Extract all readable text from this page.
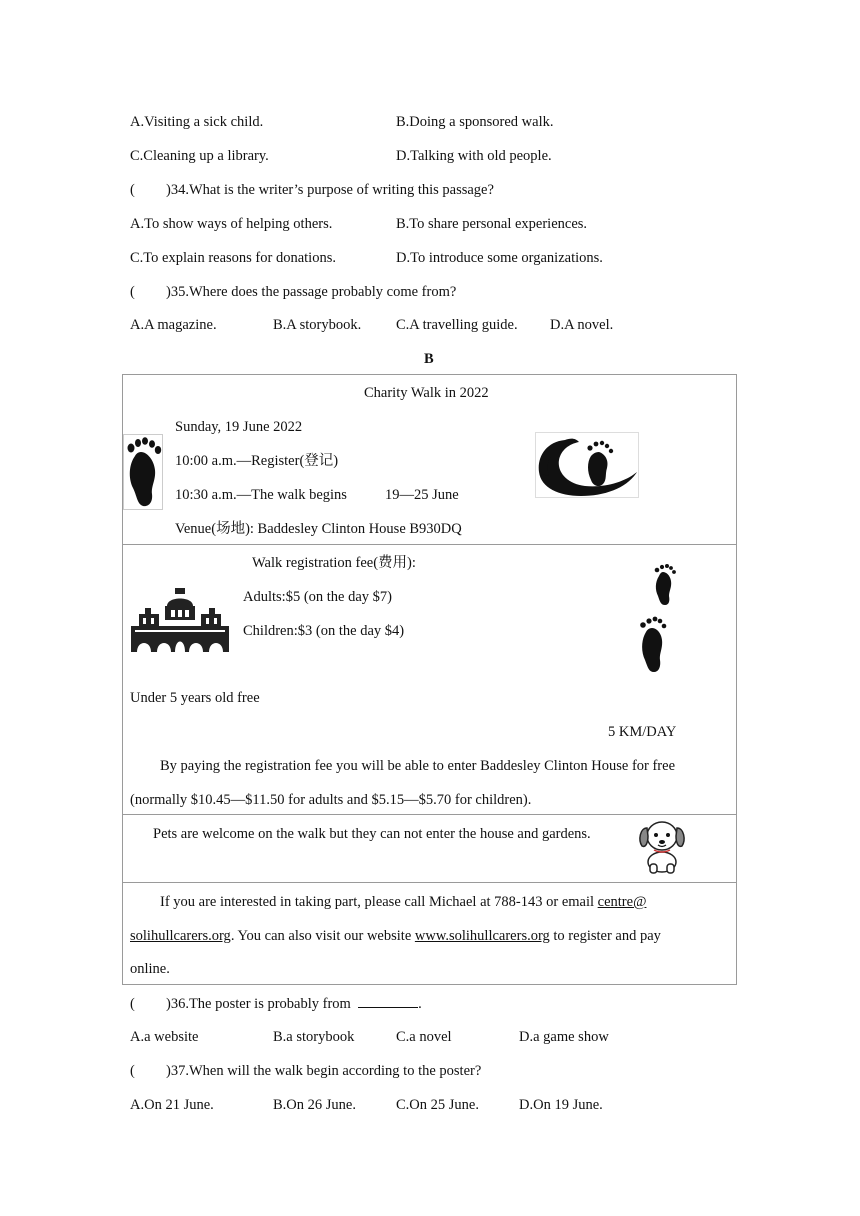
A.Visiting a sick child.	B.Doing a sponsored walk.
C.Cleaning up a library.	D.Talking with old people.
( )34.What is the writer’s purpose of writing this passage?
A.To show ways of helping others.	B.To share personal experiences.
C.To explain reasons for donations.	D.To introduce some organizations.
( )35.Where does the passage probably come from?
A.A magazine.	B.A storybook. C.A travelling guide. D.A novel.
B
Charity Walk in 2022
Sunday, 19 June 2022
10:00 a.m.—Register(登记)
10:30 a.m.—The walk begins	19—25 June
Venue(场地): Baddesley Clinton House B930DQ
Walk registration fee(费用):
Adults:$5 (on the day $7)
Children:$3 (on the day $4)
Under 5 years old free
5 KM/DAY
By paying the registration fee you will be able to enter Baddesley Clinton House for free
(normally $10.45—$11.50 for adults and $5.15—$5.70 for children).
Pets are welcome on the walk but they can not enter the house and gardens.
If you are interested in taking part, please call Michael at 788-143 or email centre@
solihullcarers.org. You can also visit our website www.solihullcarers.org to register and pay
online.
( )36.The poster is probably from	.
A.a website	B.a storybook	C.a novel	D.a game show
( )37.When will the walk begin according to the poster?
A.On 21 June.	B.On 26 June.	C.On 25 June.	D.On 19 June.
